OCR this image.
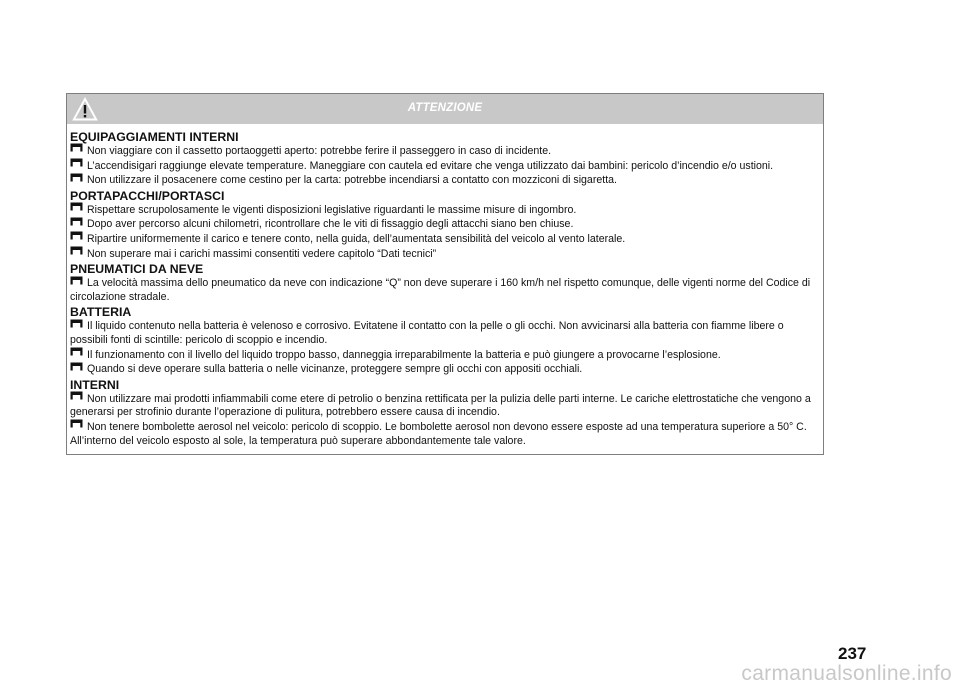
ATTENZIONE
EQUIPAGGIAMENTI INTERNI
Non viaggiare con il cassetto portaoggetti aperto: potrebbe ferire il passeggero in caso di incidente.
L’accendisigari raggiunge elevate temperature. Maneggiare con cautela ed evitare che venga utilizzato dai bambini: pericolo d’incendio e/o ustioni.
Non utilizzare il posacenere come cestino per la carta: potrebbe incendiarsi a contatto con mozziconi di sigaretta.
PORTAPACCHI/PORTASCI
Rispettare scrupolosamente le vigenti disposizioni legislative riguardanti le massime misure di ingombro.
Dopo aver percorso alcuni chilometri, ricontrollare che le viti di fissaggio degli attacchi siano ben chiuse.
Ripartire uniformemente il carico e tenere conto, nella guida, dell’aumentata sensibilità del veicolo al vento laterale.
Non superare mai i carichi massimi consentiti vedere capitolo “Dati tecnici”
PNEUMATICI DA NEVE
La velocità massima dello pneumatico da neve con indicazione “Q” non deve superare i 160 km/h nel rispetto comunque, delle vigenti norme del Codice di circolazione stradale.
BATTERIA
Il liquido contenuto nella batteria è velenoso e corrosivo. Evitatene il contatto con la pelle o gli occhi. Non avvicinarsi alla batteria con fiamme libere o possibili fonti di scintille: pericolo di scoppio e incendio.
Il funzionamento con il livello del liquido troppo basso, danneggia irreparabilmente la batteria e può giungere a provocarne l’esplosione.
Quando si deve operare sulla batteria o nelle vicinanze, proteggere sempre gli occhi con appositi occhiali.
INTERNI
Non utilizzare mai prodotti infiammabili come etere di petrolio o benzina rettificata per la pulizia delle parti interne. Le cariche elettrostatiche che vengono a generarsi per strofinio durante l’operazione di pulitura, potrebbero essere causa di incendio.
Non tenere bombolette aerosol nel veicolo: pericolo di scoppio. Le bombolette aerosol non devono essere esposte ad una temperatura superiore a 50° C. All’interno del veicolo esposto al sole, la temperatura può superare abbondantemente tale valore.
237
carmanualsonline.info
